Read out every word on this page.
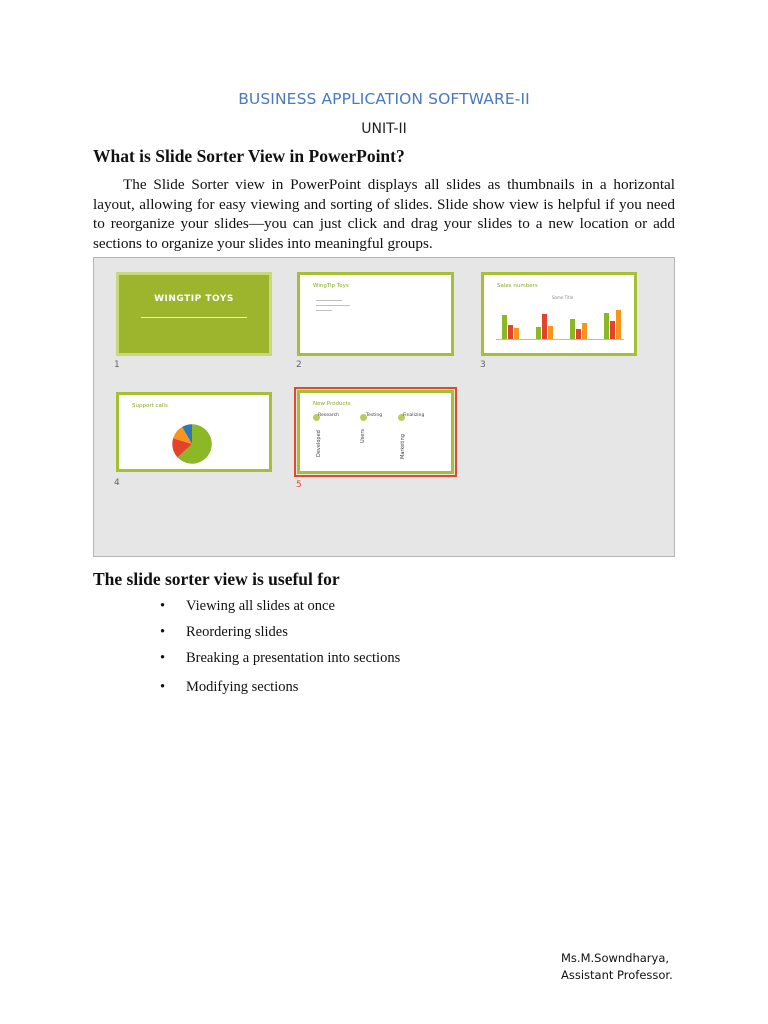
BUSINESS APPLICATION SOFTWARE-II
UNIT-II
What is Slide Sorter View in PowerPoint?
The Slide Sorter view in PowerPoint displays all slides as thumbnails in a horizontal layout, allowing for easy viewing and sorting of slides. Slide show view is helpful if you need to reorganize your slides—you can just click and drag your slides to a new location or add sections to organize your slides into meaningful groups.
WINGTIP TOYS
1
WingTip Toys
2
Sales numbers
Some Title
3
Support calls
4
New Products
Research	Testing	Finalizing
Developed	Users	Marketing
5
The slide sorter view is useful for
• Viewing all slides at once
• Reordering slides
• Breaking a presentation into sections
• Modifying sections
Ms.M.Sowndharya,
Assistant Professor.
